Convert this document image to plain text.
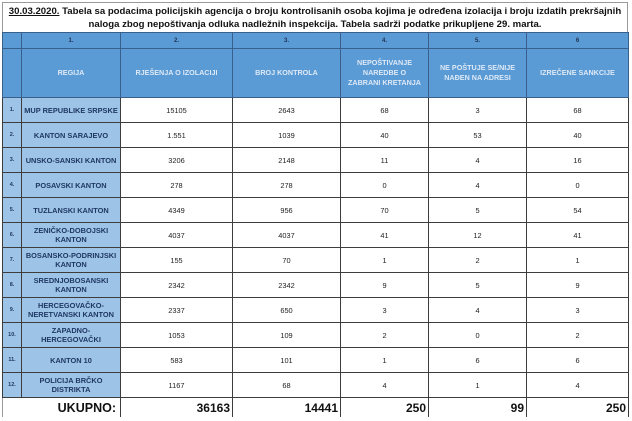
30.03.2020. Tabela sa podacima policijskih agencija o broju kontrolisanih osoba kojima je određena izolacija i broju izdatih prekršajnih
naloga zbog nepoštivanja odluka nadležnih inspekcija. Tabela sadrži podatke prikupljene 29. marta.
	1.	2.	3.	4.	5.	6
	REGIJA	RJEŠENJA O IZOLACIJI	BROJ KONTROLA	NEPOŠTIVANJE NAREDBE O ZABRANI KRETANJA	NE POŠTUJE SE/NIJE NAĐEN NA ADRESI	IZREČENE SANKCIJE
1.	MUP REPUBLIKE SRPSKE	15105	2643	68	3	68
2.	KANTON SARAJEVO	1.551	1039	40	53	40
3.	UNSKO-SANSKI KANTON	3206	2148	11	4	16
4.	POSAVSKI KANTON	278	278	0	4	0
5.	TUZLANSKI KANTON	4349	956	70	5	54
6.	ZENIČKO-DOBOJSKI KANTON	4037	4037	41	12	41
7.	BOSANSKO-PODRINJSKI KANTON	155	70	1	2	1
8.	SREDNJOBOSANSKI KANTON	2342	2342	9	5	9
9.	HERCEGOVAČKO-NERETVANSKI KANTON	2337	650	3	4	3
10.	ZAPADNO-HERCEGOVAČKI	1053	109	2	0	2
11.	KANTON 10	583	101	1	6	6
12.	POLICIJA BRČKO DISTRIKTA	1167	68	4	1	4
	UKUPNO:	36163	14441	250	99	250
